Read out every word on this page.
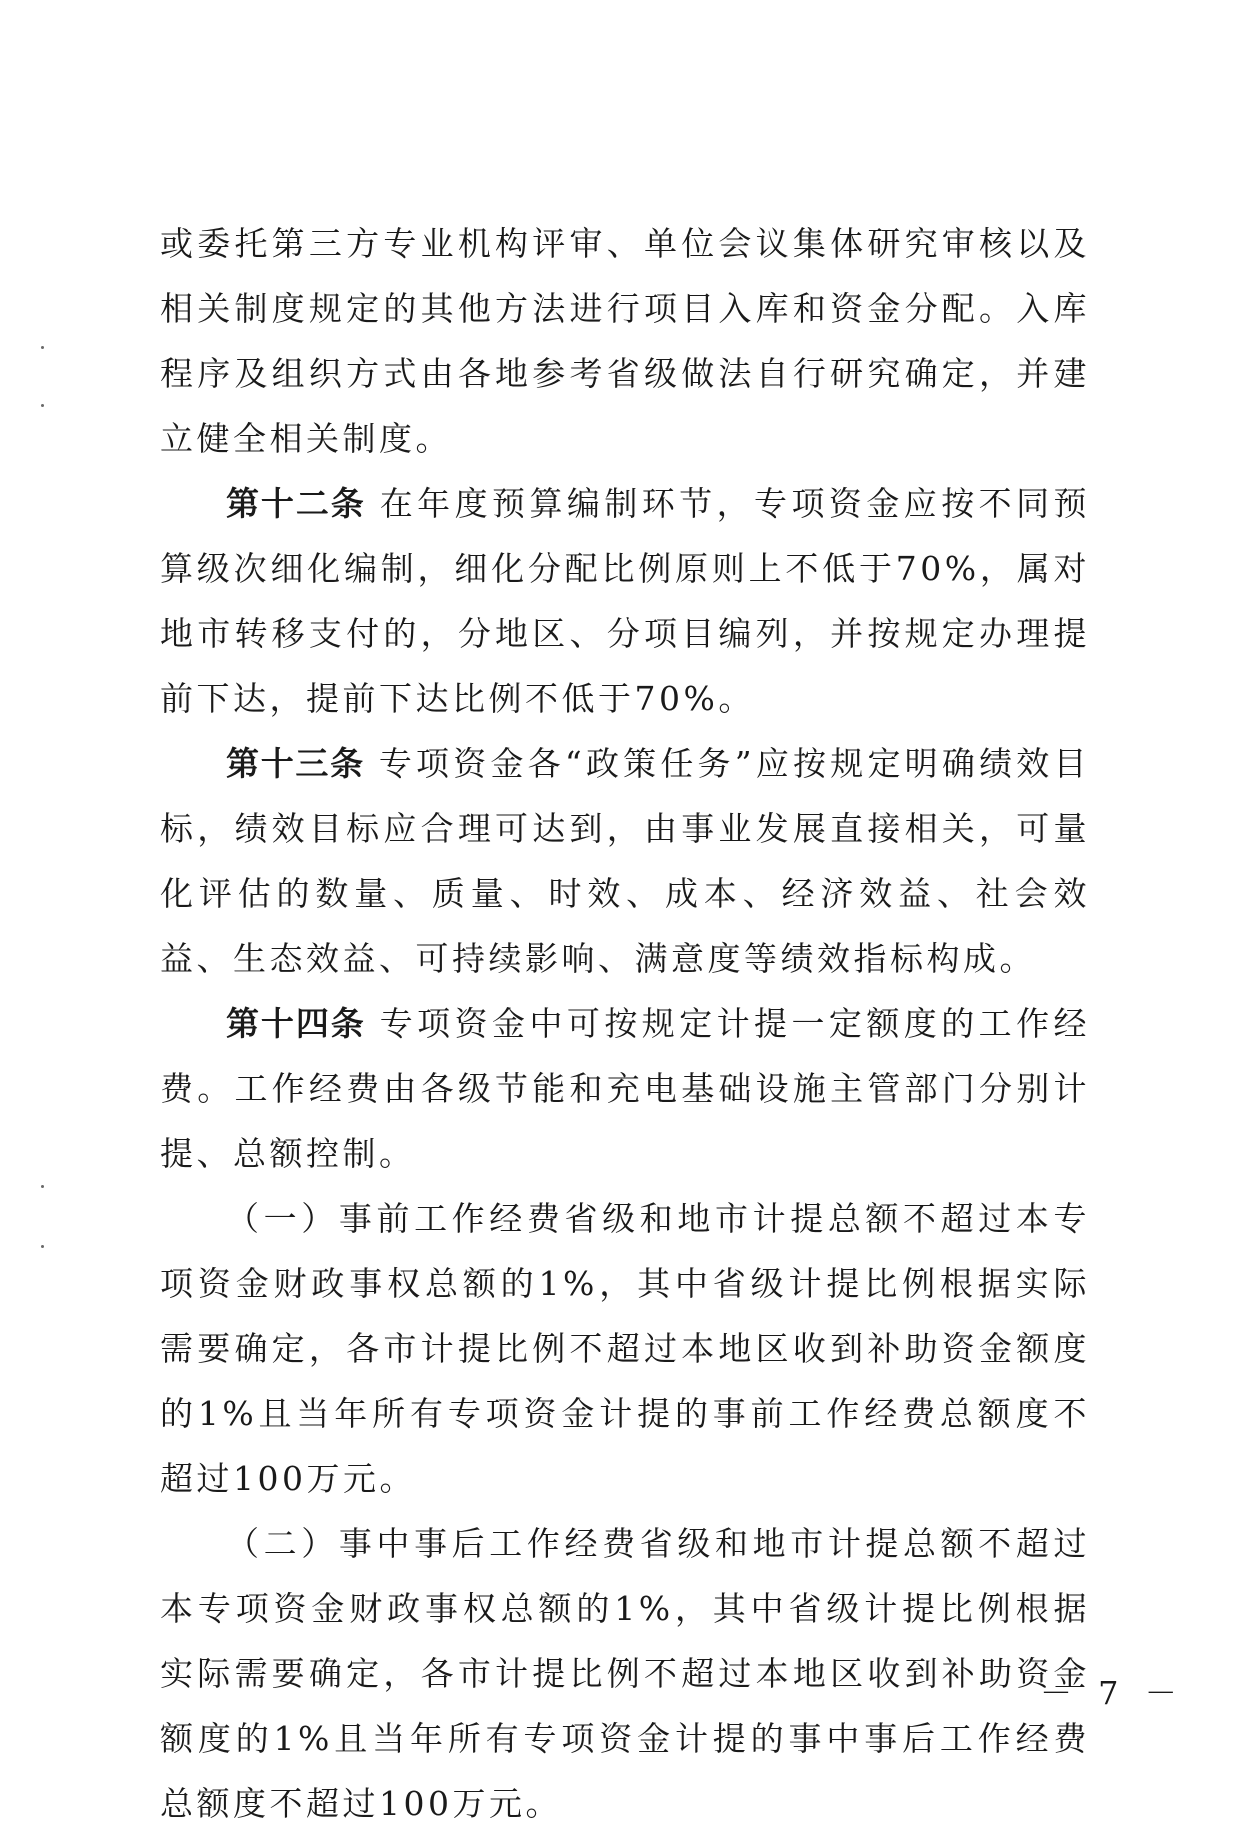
或委托第三方专业机构评审、单位会议集体研究审核以及相关制度规定的其他方法进行项目入库和资金分配。入库程序及组织方式由各地参考省级做法自行研究确定，并建立健全相关制度。

第十二条 在年度预算编制环节，专项资金应按不同预算级次细化编制，细化分配比例原则上不低于70%，属对地市转移支付的，分地区、分项目编列，并按规定办理提前下达，提前下达比例不低于70%。

第十三条 专项资金各“政策任务”应按规定明确绩效目标，绩效目标应合理可达到，由事业发展直接相关，可量化评估的数量、质量、时效、成本、经济效益、社会效益、生态效益、可持续影响、满意度等绩效指标构成。

第十四条 专项资金中可按规定计提一定额度的工作经费。工作经费由各级节能和充电基础设施主管部门分别计提、总额控制。

（一）事前工作经费省级和地市计提总额不超过本专项资金财政事权总额的1%，其中省级计提比例根据实际需要确定，各市计提比例不超过本地区收到补助资金额度的1%且当年所有专项资金计提的事前工作经费总额度不超过100万元。

（二）事中事后工作经费省级和地市计提总额不超过本专项资金财政事权总额的1%，其中省级计提比例根据实际需要确定，各市计提比例不超过本地区收到补助资金额度的1%且当年所有专项资金计提的事中事后工作经费总额度不超过100万元。

－ 7 －
